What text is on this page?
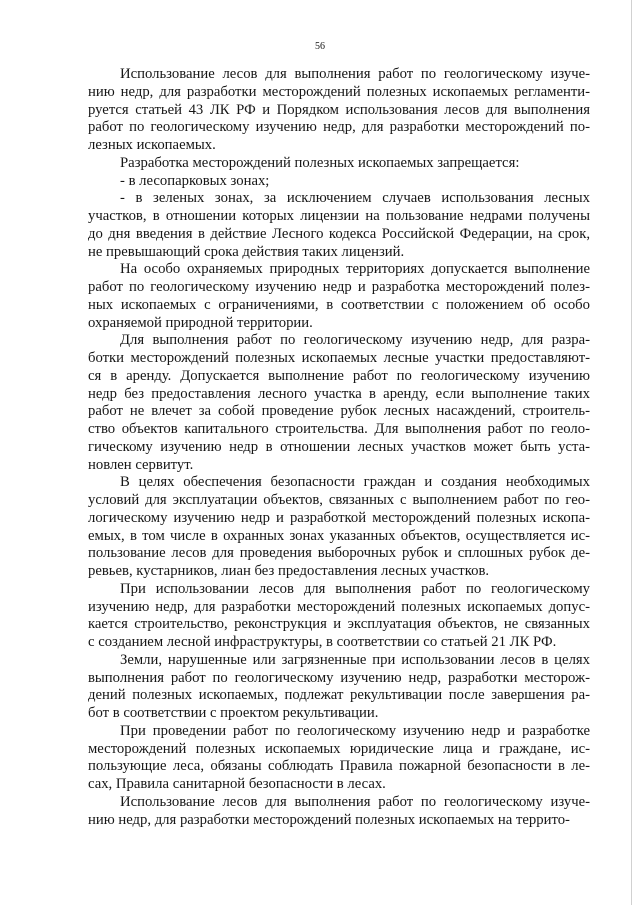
56
Использование лесов для выполнения работ по геологическому изуче-
нию недр, для разработки месторождений полезных ископаемых регламенти-
руется статьей 43 ЛК РФ и Порядком использования лесов для выполнения
работ по геологическому изучению недр, для разработки месторождений по-
лезных ископаемых.
Разработка месторождений полезных ископаемых запрещается:
- в лесопарковых зонах;
- в зеленых зонах, за исключением случаев использования лесных
участков, в отношении которых лицензии на пользование недрами получены
до дня введения в действие Лесного кодекса Российской Федерации, на срок,
не превышающий срока действия таких лицензий.
На особо охраняемых природных территориях допускается выполнение
работ по геологическому изучению недр и разработка месторождений полез-
ных ископаемых с ограничениями, в соответствии с положением об особо
охраняемой природной территории.
Для выполнения работ по геологическому изучению недр, для разра-
ботки месторождений полезных ископаемых лесные участки предоставляют-
ся в аренду. Допускается выполнение работ по геологическому изучению
недр без предоставления лесного участка в аренду, если выполнение таких
работ не влечет за собой проведение рубок лесных насаждений, строитель-
ство объектов капитального строительства. Для выполнения работ по геоло-
гическому изучению недр в отношении лесных участков может быть уста-
новлен сервитут.
В целях обеспечения безопасности граждан и создания необходимых
условий для эксплуатации объектов, связанных с выполнением работ по гео-
логическому изучению недр и разработкой месторождений полезных ископа-
емых, в том числе в охранных зонах указанных объектов, осуществляется ис-
пользование лесов для проведения выборочных рубок и сплошных рубок де-
ревьев, кустарников, лиан без предоставления лесных участков.
При использовании лесов для выполнения работ по геологическому
изучению недр, для разработки месторождений полезных ископаемых допус-
кается строительство, реконструкция и эксплуатация объектов, не связанных
с созданием лесной инфраструктуры, в соответствии со статьей 21 ЛК РФ.
Земли, нарушенные или загрязненные при использовании лесов в целях
выполнения работ по геологическому изучению недр, разработки месторож-
дений полезных ископаемых, подлежат рекультивации после завершения ра-
бот в соответствии с проектом рекультивации.
При проведении работ по геологическому изучению недр и разработке
месторождений полезных ископаемых юридические лица и граждане, ис-
пользующие леса, обязаны соблюдать Правила пожарной безопасности в ле-
сах, Правила санитарной безопасности в лесах.
Использование лесов для выполнения работ по геологическому изуче-
нию недр, для разработки месторождений полезных ископаемых на террито-
